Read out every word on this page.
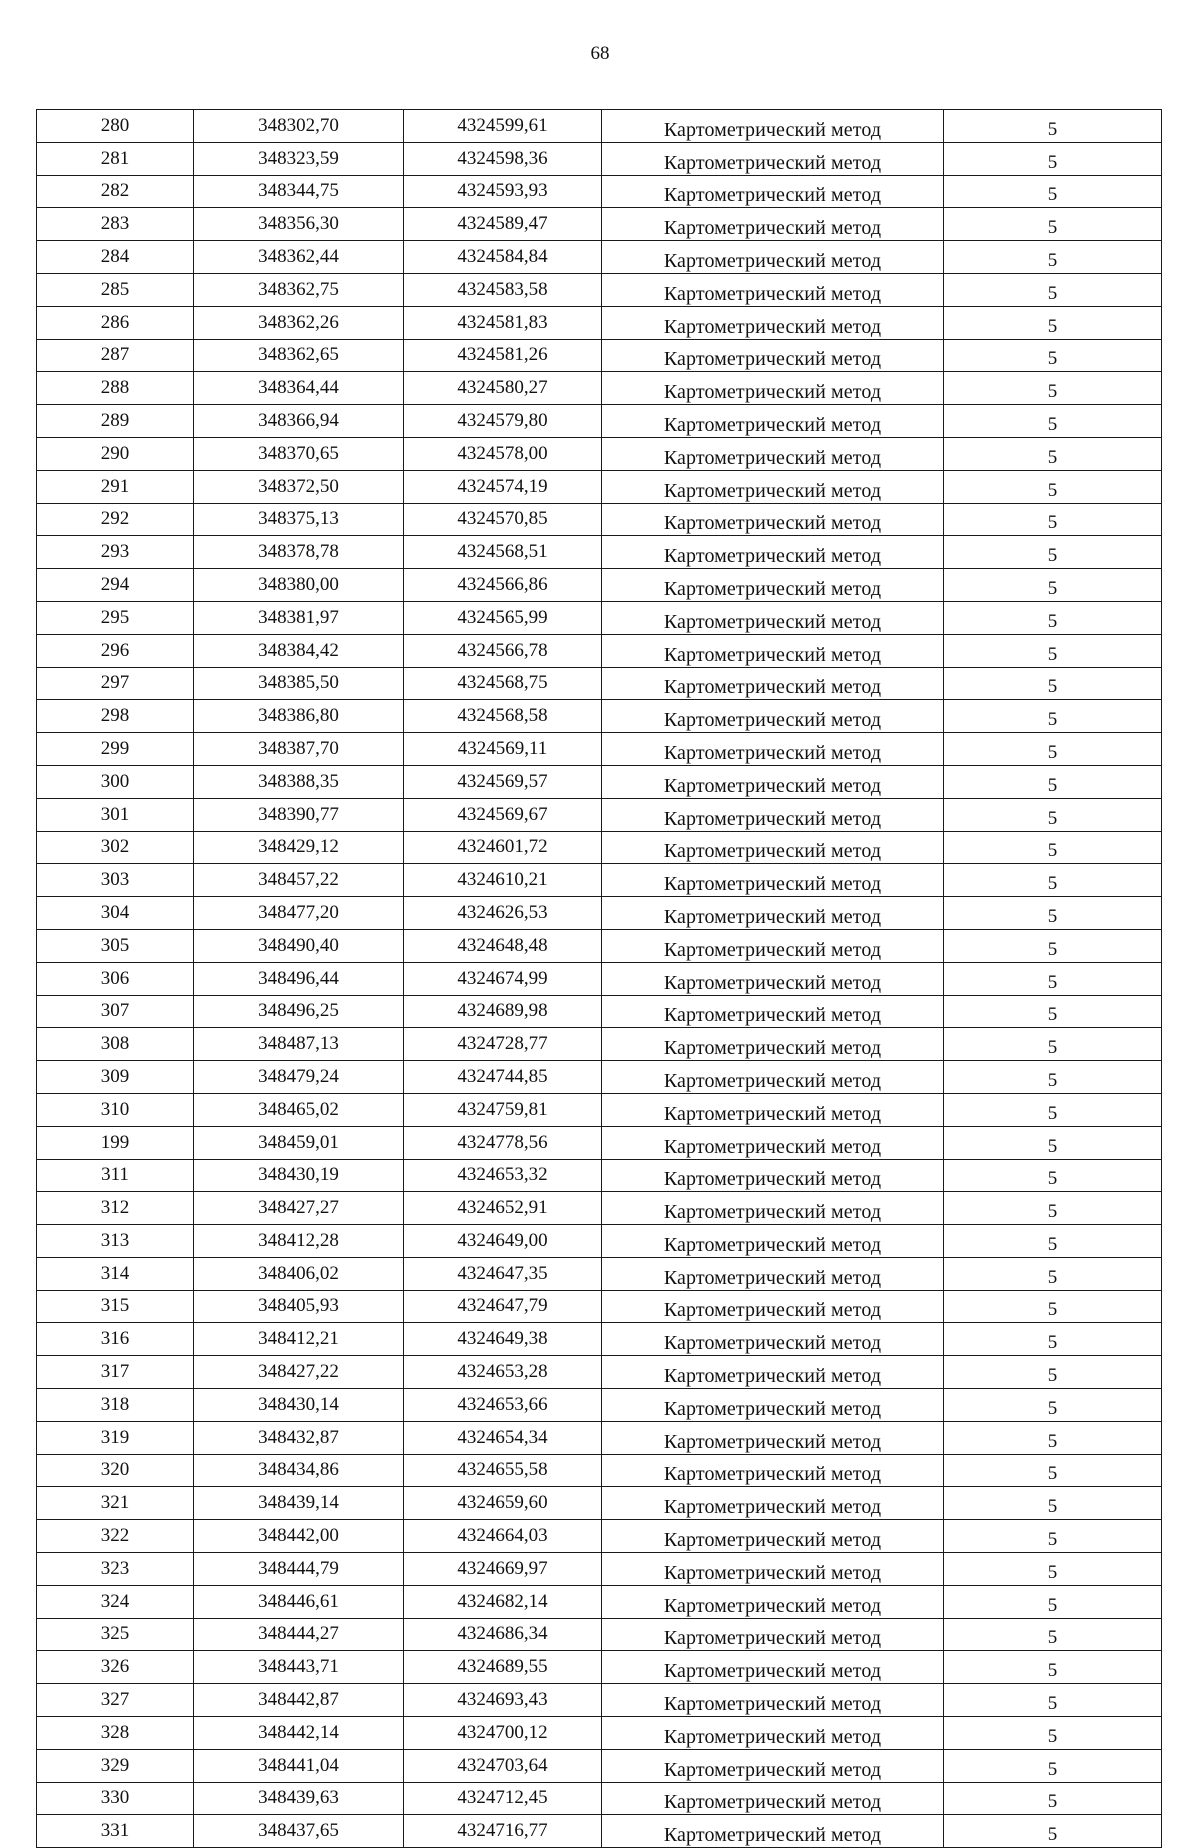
68
280	348302,70	4324599,61	Картометрический метод	5
281	348323,59	4324598,36	Картометрический метод	5
282	348344,75	4324593,93	Картометрический метод	5
283	348356,30	4324589,47	Картометрический метод	5
284	348362,44	4324584,84	Картометрический метод	5
285	348362,75	4324583,58	Картометрический метод	5
286	348362,26	4324581,83	Картометрический метод	5
287	348362,65	4324581,26	Картометрический метод	5
288	348364,44	4324580,27	Картометрический метод	5
289	348366,94	4324579,80	Картометрический метод	5
290	348370,65	4324578,00	Картометрический метод	5
291	348372,50	4324574,19	Картометрический метод	5
292	348375,13	4324570,85	Картометрический метод	5
293	348378,78	4324568,51	Картометрический метод	5
294	348380,00	4324566,86	Картометрический метод	5
295	348381,97	4324565,99	Картометрический метод	5
296	348384,42	4324566,78	Картометрический метод	5
297	348385,50	4324568,75	Картометрический метод	5
298	348386,80	4324568,58	Картометрический метод	5
299	348387,70	4324569,11	Картометрический метод	5
300	348388,35	4324569,57	Картометрический метод	5
301	348390,77	4324569,67	Картометрический метод	5
302	348429,12	4324601,72	Картометрический метод	5
303	348457,22	4324610,21	Картометрический метод	5
304	348477,20	4324626,53	Картометрический метод	5
305	348490,40	4324648,48	Картометрический метод	5
306	348496,44	4324674,99	Картометрический метод	5
307	348496,25	4324689,98	Картометрический метод	5
308	348487,13	4324728,77	Картометрический метод	5
309	348479,24	4324744,85	Картометрический метод	5
310	348465,02	4324759,81	Картометрический метод	5
199	348459,01	4324778,56	Картометрический метод	5
311	348430,19	4324653,32	Картометрический метод	5
312	348427,27	4324652,91	Картометрический метод	5
313	348412,28	4324649,00	Картометрический метод	5
314	348406,02	4324647,35	Картометрический метод	5
315	348405,93	4324647,79	Картометрический метод	5
316	348412,21	4324649,38	Картометрический метод	5
317	348427,22	4324653,28	Картометрический метод	5
318	348430,14	4324653,66	Картометрический метод	5
319	348432,87	4324654,34	Картометрический метод	5
320	348434,86	4324655,58	Картометрический метод	5
321	348439,14	4324659,60	Картометрический метод	5
322	348442,00	4324664,03	Картометрический метод	5
323	348444,79	4324669,97	Картометрический метод	5
324	348446,61	4324682,14	Картометрический метод	5
325	348444,27	4324686,34	Картометрический метод	5
326	348443,71	4324689,55	Картометрический метод	5
327	348442,87	4324693,43	Картометрический метод	5
328	348442,14	4324700,12	Картометрический метод	5
329	348441,04	4324703,64	Картометрический метод	5
330	348439,63	4324712,45	Картометрический метод	5
331	348437,65	4324716,77	Картометрический метод	5
